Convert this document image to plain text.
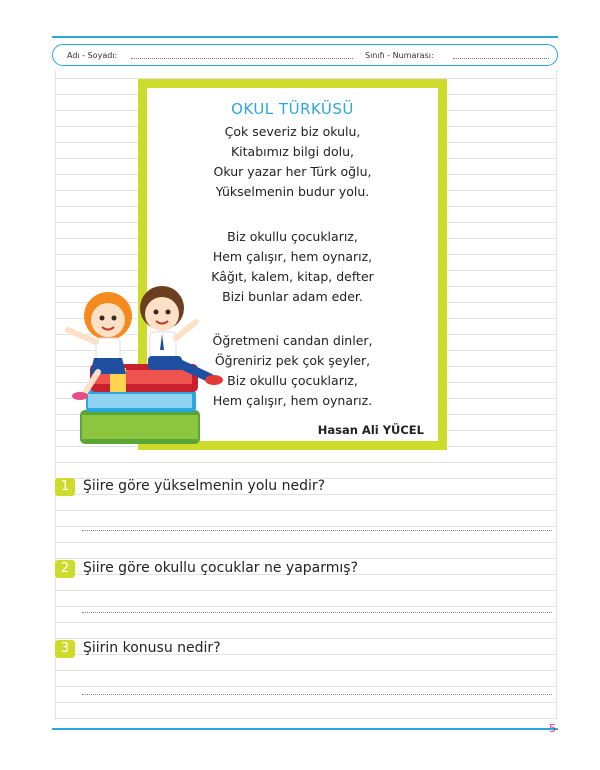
Adı - Soyadı:	Sınıfı - Numarası:
OKUL TÜRKÜSÜ
Çok severiz biz okulu,
Kitabımız bilgi dolu,
Okur yazar her Türk oğlu,
Yükselmenin budur yolu.
Biz okullu çocuklarız,
Hem çalışır, hem oynarız,
Kâğıt, kalem, kitap, defter
Bizi bunlar adam eder.
Öğretmeni candan dinler,
Öğreniriz pek çok şeyler,
Biz okullu çocuklarız,
Hem çalışır, hem oynarız.
Hasan Ali YÜCEL
1 Şiire göre yükselmenin yolu nedir?
2 Şiire göre okullu çocuklar ne yaparmış?
3 Şiirin konusu nedir?
5
